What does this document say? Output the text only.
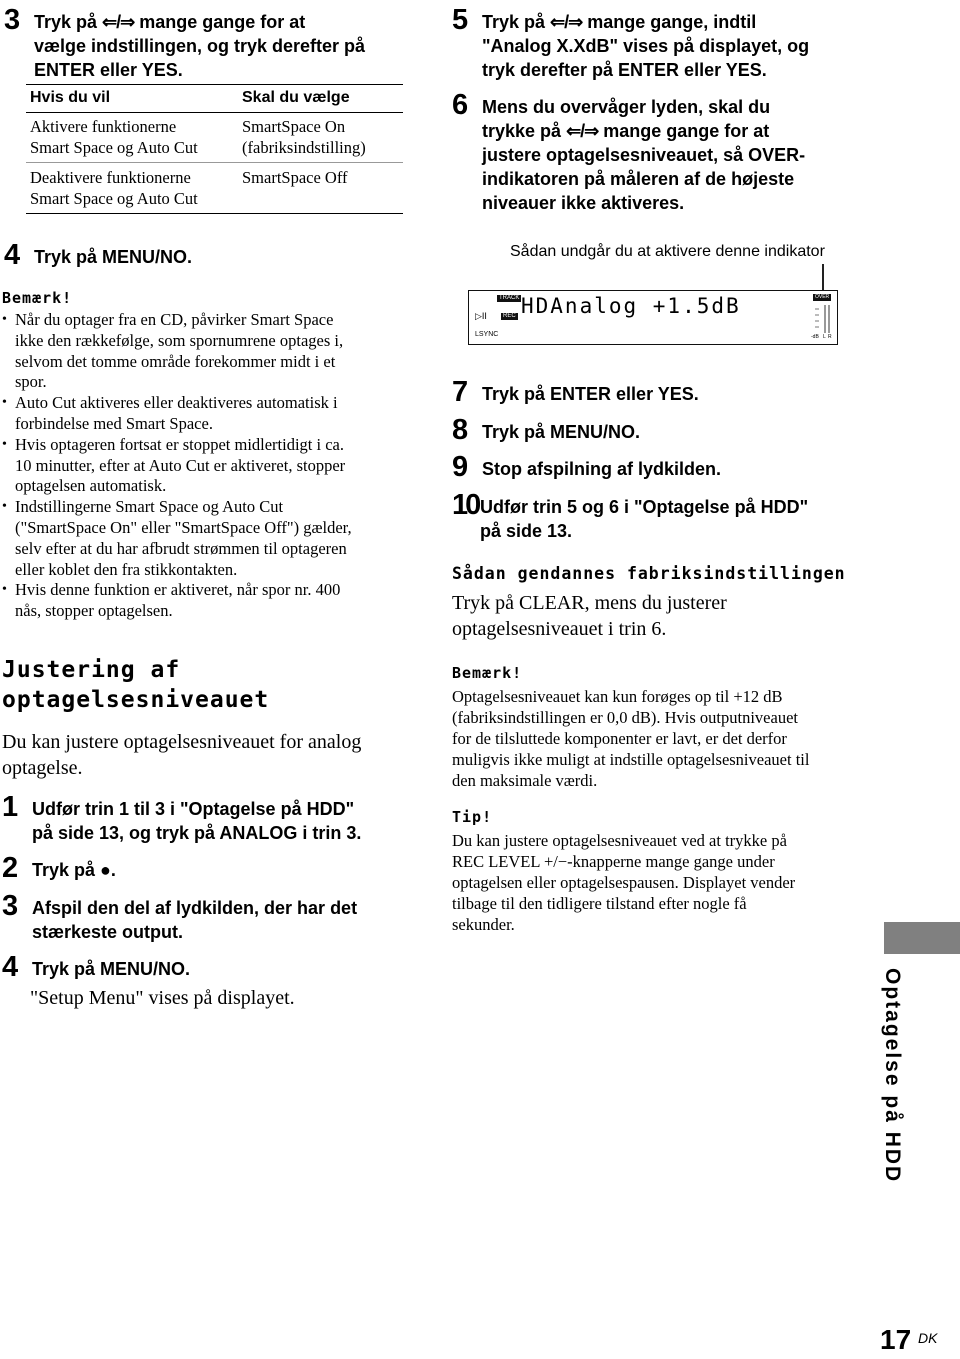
3 Tryk på ⇐/⇒ mange gange for at
vælge indstillingen, og tryk derefter på
ENTER eller YES.
Hvis du vil	Skal du vælge
Aktivere funktionerne
Smart Space og Auto Cut
SmartSpace On
(fabriksindstilling)
Deaktivere funktionerne
Smart Space og Auto Cut
SmartSpace Off
4 Tryk på MENU/NO.
Bemærk!
• Når du optager fra en CD, påvirker Smart Space
ikke den rækkefølge, som spornumrene optages i,
selvom det tomme område forekommer midt i et
spor.
• Auto Cut aktiveres eller deaktiveres automatisk i
forbindelse med Smart Space.
• Hvis optageren fortsat er stoppet midlertidigt i ca.
10 minutter, efter at Auto Cut er aktiveret, stopper
optagelsen automatisk.
• Indstillingerne Smart Space og Auto Cut
("SmartSpace On" eller "SmartSpace Off") gælder,
selv efter at du har afbrudt strømmen til optageren
eller koblet den fra stikkontakten.
• Hvis denne funktion er aktiveret, når spor nr. 400
nås, stopper optagelsen.
Justering af
optagelsesniveauet
Du kan justere optagelsesniveauet for analog
optagelse.
1 Udfør trin 1 til 3 i "Optagelse på HDD"
på side 13, og tryk på ANALOG i trin 3.
2 Tryk på ●.
3 Afspil den del af lydkilden, der har det
stærkeste output.
4 Tryk på MENU/NO.
"Setup Menu" vises på displayet.
5 Tryk på ⇐/⇒ mange gange, indtil
"Analog X.XdB" vises på displayet, og
tryk derefter på ENTER eller YES.
6 Mens du overvåger lyden, skal du
trykke på ⇐/⇒ mange gange for at
justere optagelsesniveauet, så OVER-
indikatoren på måleren af de højeste
niveauer ikke aktiveres.
Sådan undgår du at aktivere denne indikator
TRACK
REC
▷II HDAnalog +1.5dB
LSYNC
OVER
-dB L R
7 Tryk på ENTER eller YES.
8 Tryk på MENU/NO.
9 Stop afspilning af lydkilden.
10 Udfør trin 5 og 6 i "Optagelse på HDD"
på side 13.
Sådan gendannes fabriksindstillingen
Tryk på CLEAR, mens du justerer
optagelsesniveauet i trin 6.
Bemærk!
Optagelsesniveauet kan kun forøges op til +12 dB
(fabriksindstillingen er 0,0 dB). Hvis outputniveauet
for de tilsluttede komponenter er lavt, er det derfor
muligvis ikke muligt at indstille optagelsesniveauet til
den maksimale værdi.
Tip!
Du kan justere optagelsesniveauet ved at trykke på
REC LEVEL +/−-knapperne mange gange under
optagelsen eller optagelsespausen. Displayet vender
tilbage til den tidligere tilstand efter nogle få
sekunder.
Optagelse på HDD
17 DK
